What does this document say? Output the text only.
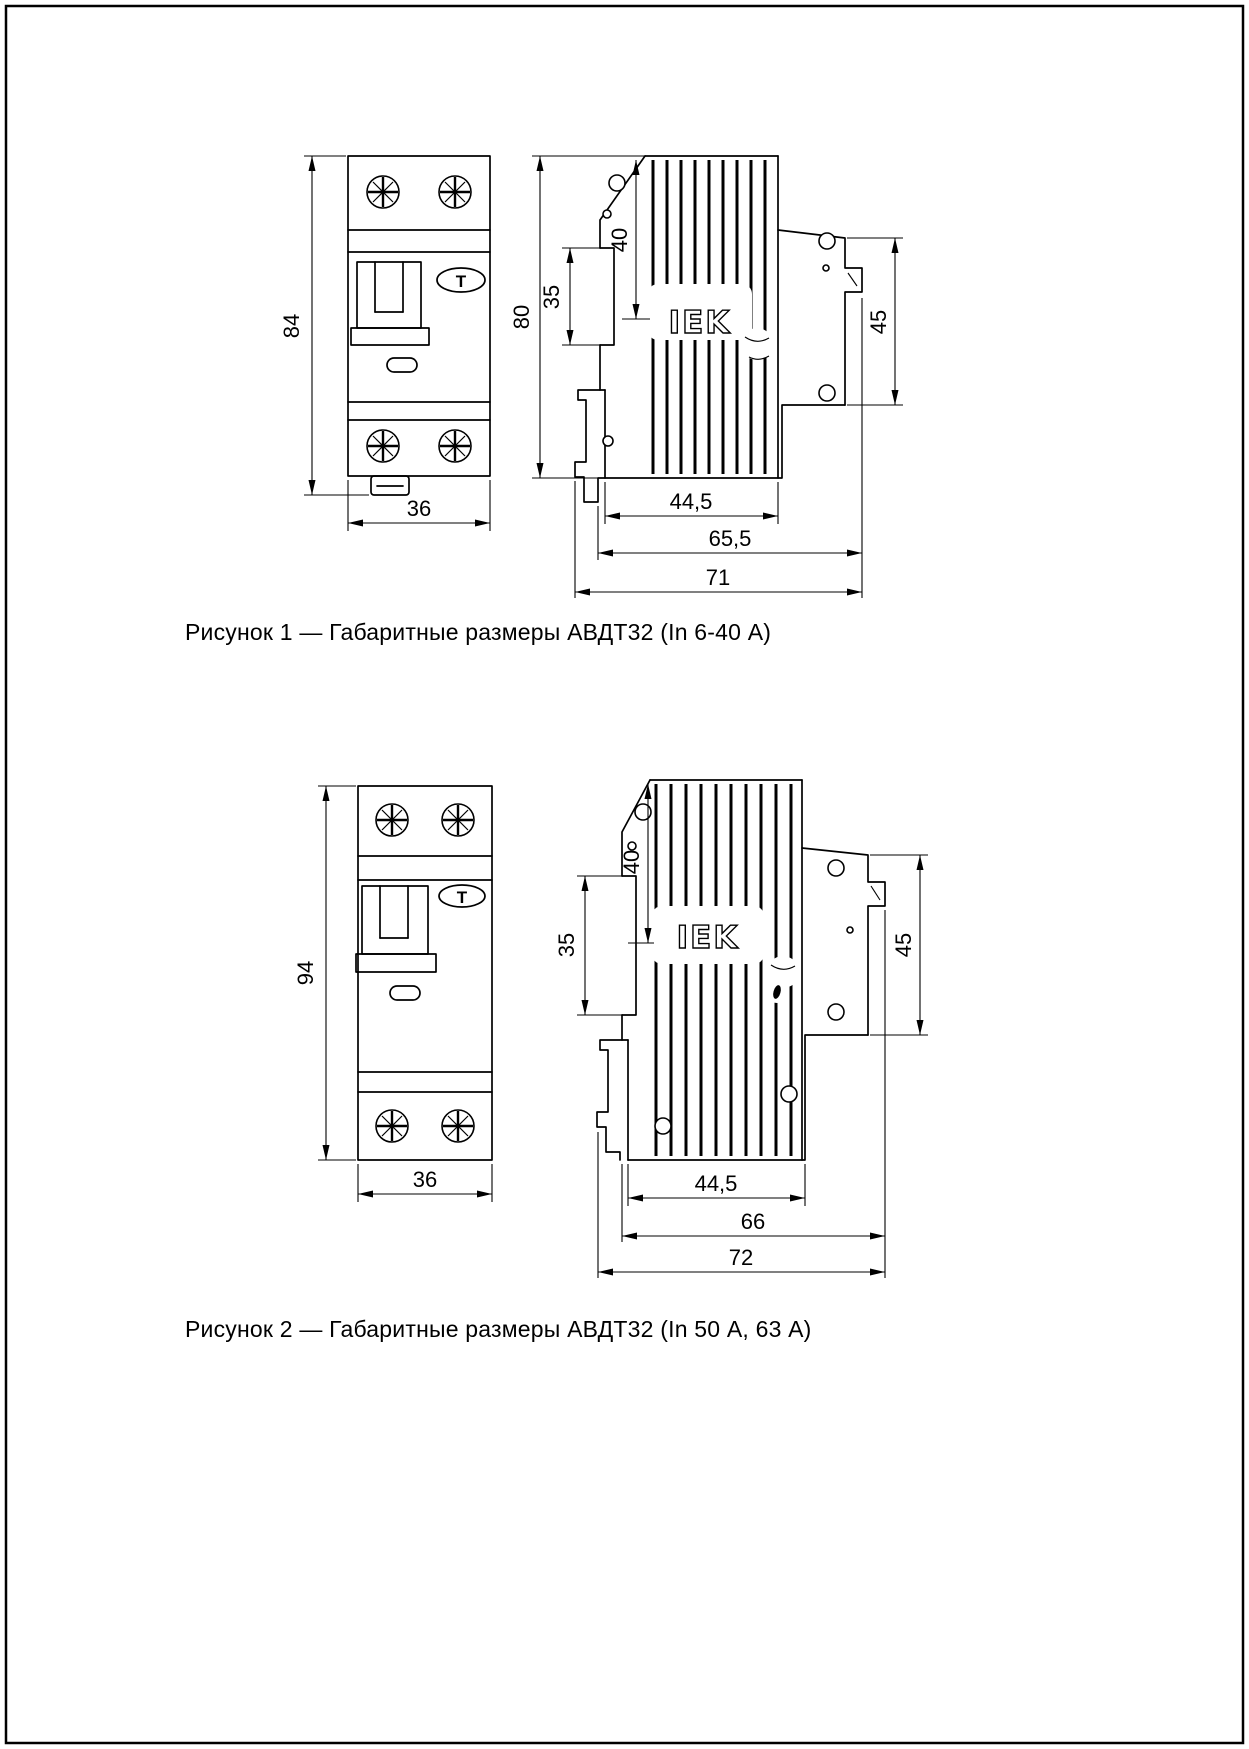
Т
84
36
IEK
80
40
35
45
44,5
65,5
71
Т
94
36
IEK
40
35	45
44,5
66
72
Рисунок 1 — Габаритные размеры АВДТ32 (In 6-40 А)
Рисунок 2 — Габаритные размеры АВДТ32 (In 50 А, 63 А)
